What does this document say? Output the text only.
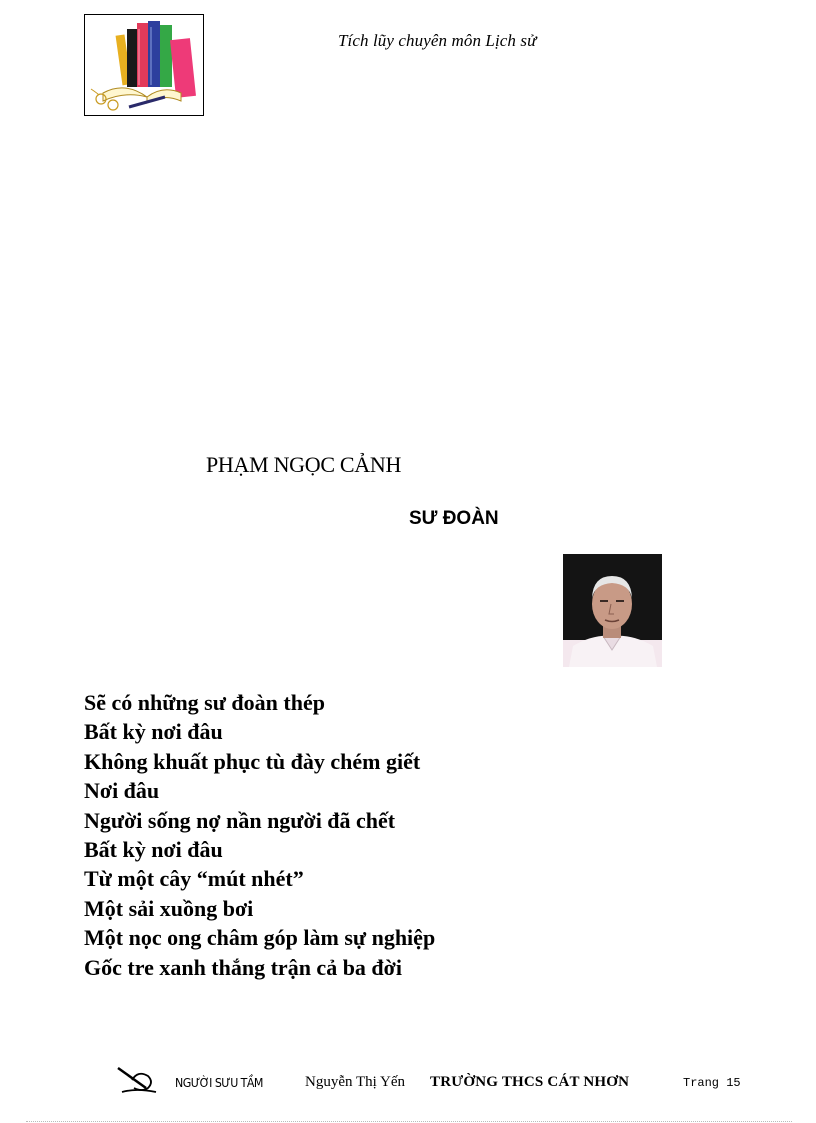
Tích lũy chuyên môn Lịch sử
PHẠM NGỌC CẢNH
SƯ ĐOÀN
Sẽ có những sư đoàn thép
Bất kỳ nơi đâu
Không khuất phục tù đày chém giết
Nơi đâu
Người sống nợ nần người đã chết
Bất kỳ nơi đâu
Từ một cây “mút nhét”
Một sải xuồng bơi
Một nọc ong châm góp làm sự nghiệp
Gốc tre xanh thắng trận cả ba đời
NGƯỜI SƯU TẦM	Nguyễn Thị Yến TRƯỜNG THCS CÁT NHƠN	Trang 15
